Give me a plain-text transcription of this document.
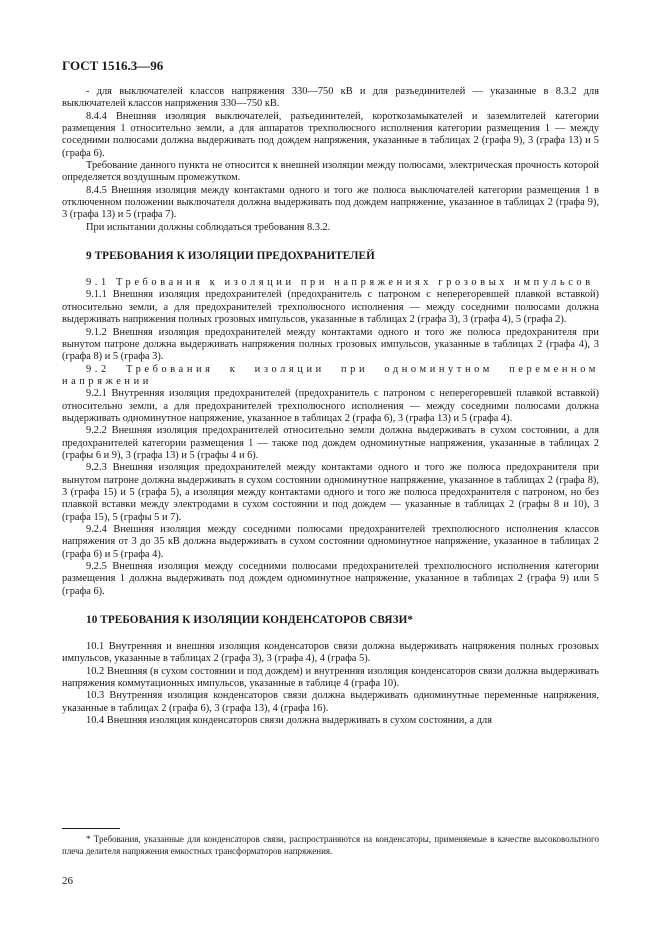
ГОСТ 1516.3—96

- для выключателей классов напряжения 330—750 кВ и для разъединителей — указанные в 8.3.2 для выключателей классов напряжения 330—750 кВ.

8.4.4 Внешняя изоляция выключателей, разъединителей, короткозамыкателей и заземлителей категории размещения 1 относительно земли, а для аппаратов трехполюсного исполнения категории размещения 1 — между соседними полюсами должна выдерживать под дождем напряжения, указанные в таблицах 2 (графа 9), 3 (графа 13) и 5 (графа 6).

Требование данного пункта не относится к внешней изоляции между полюсами, электрическая прочность которой определяется воздушным промежутком.

8.4.5 Внешняя изоляция между контактами одного и того же полюса выключателей категории размещения 1 в отключенном положении выключателя должна выдерживать под дождем напряжение, указанное в таблицах 2 (графа 9), 3 (графа 13) и 5 (графа 7).

При испытании должны соблюдаться требования 8.3.2.

9 ТРЕБОВАНИЯ К ИЗОЛЯЦИИ ПРЕДОХРАНИТЕЛЕЙ

9.1 Требования к изоляции при напряжениях грозовых импульсов

9.1.1 Внешняя изоляция предохранителей (предохранитель с патроном с неперегоревшей плавкой вставкой) относительно земли, а для предохранителей трехполюсного исполнения — между соседними полюсами должна выдерживать напряжения полных грозовых импульсов, указанные в таблицах 2 (графа 3), 3 (графа 4), 5 (графа 2).

9.1.2 Внешняя изоляция предохранителей между контактами одного и того же полюса предохранителя при вынутом патроне должна выдерживать напряжения полных грозовых импульсов, указанные в таблицах 2 (графа 4), 3 (графа 8) и 5 (графа 3).

9.2 Требования к изоляции при одноминутном переменном напряжении

9.2.1 Внутренняя изоляция предохранителей (предохранитель с патроном с неперегоревшей плавкой вставкой) относительно земли, а для предохранителей трехполюсного исполнения — между соседними полюсами должна выдерживать одноминутное напряжение, указанное в таблицах 2 (графа 6), 3 (графа 13) и 5 (графа 4).

9.2.2 Внешняя изоляция предохранителей относительно земли должна выдерживать в сухом состоянии, а для предохранителей категории размещения 1 — также под дождем одноминутные напряжения, указанные в таблицах 2 (графы 6 и 9), 3 (графа 13) и 5 (графы 4 и 6).

9.2.3 Внешняя изоляция предохранителей между контактами одного и того же полюса предохранителя при вынутом патроне должна выдерживать в сухом состоянии одноминутное напряжение, указанное в таблицах 2 (графа 8), 3 (графа 15) и 5 (графа 5), а изоляция между контактами одного и того же полюса предохранителя с патроном, но без плавкой вставки между электродами в сухом состоянии и под дождем — указанные в таблицах 2 (графы 8 и 10), 3 (графа 15), 5 (графы 5 и 7).

9.2.4 Внешняя изоляция между соседними полюсами предохранителей трехполюсного исполнения классов напряжения от 3 до 35 кВ должна выдерживать в сухом состоянии одноминутное напряжение, указанное в таблицах 2 (графа 6) и 5 (графа 4).

9.2.5 Внешняя изоляция между соседними полюсами предохранителей трехполюсного исполнения категории размещения 1 должна выдерживать под дождем одноминутное напряжение, указанное в таблицах 2 (графа 9) или 5 (графа 6).

10 ТРЕБОВАНИЯ К ИЗОЛЯЦИИ КОНДЕНСАТОРОВ СВЯЗИ*

10.1 Внутренняя и внешняя изоляция конденсаторов связи должна выдерживать напряжения полных грозовых импульсов, указанные в таблицах 2 (графа 3), 3 (графа 4), 4 (графа 5).

10.2 Внешняя (в сухом состоянии и под дождем) и внутренняя изоляция конденсаторов связи должна выдерживать напряжения коммутационных импульсов, указанные в таблице 4 (графа 10).

10.3 Внутренняя изоляция конденсаторов связи должна выдерживать одноминутные переменные напряжения, указанные в таблицах 2 (графа 6), 3 (графа 13), 4 (графа 16).

10.4 Внешняя изоляция конденсаторов связи должна выдерживать в сухом состоянии, а для

* Требования, указанные для конденсаторов связи, распространяются на конденсаторы, применяемые в качестве высоковольтного плеча делителя напряжения емкостных трансформаторов напряжения.

26
